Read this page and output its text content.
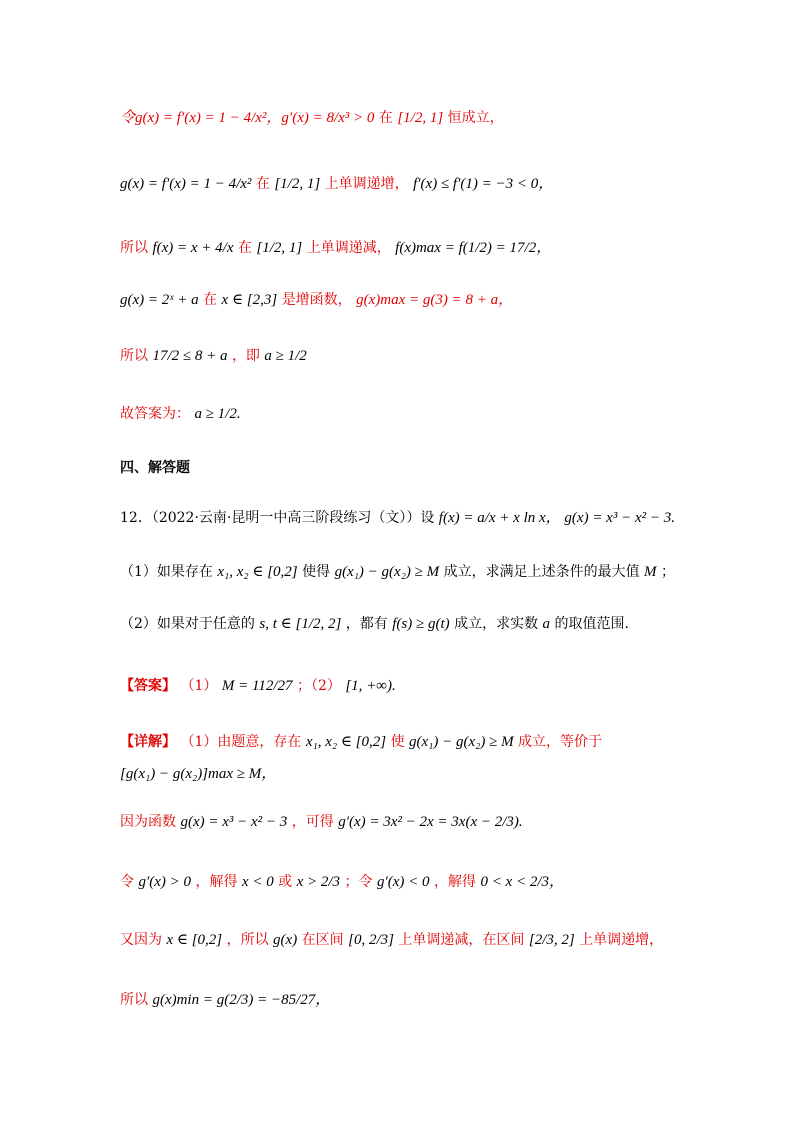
令g(x) = f′(x) = 1 − 4/x²，g′(x) = 8/x³ > 0 在 [1/2, 1] 恒成立，
g(x) = f′(x) = 1 − 4/x² 在 [1/2, 1] 上单调递增， f′(x) ≤ f′(1) = −3 < 0，
所以 f(x) = x + 4/x 在 [1/2, 1] 上单调递减， f(x)max = f(1/2) = 17/2，
g(x) = 2ˣ + a 在 x ∈ [2,3] 是增函数， g(x)max = g(3) = 8 + a，
所以 17/2 ≤ 8 + a ，即 a ≥ 1/2
故答案为： a ≥ 1/2.
四、解答题
12．（2022·云南·昆明一中高三阶段练习（文））设 f(x) = a/x + x ln x， g(x) = x³ − x² − 3.
（1）如果存在 x₁, x₂ ∈ [0,2] 使得 g(x₁) − g(x₂) ≥ M 成立，求满足上述条件的最大值 M ；
（2）如果对于任意的 s, t ∈ [1/2, 2] ，都有 f(s) ≥ g(t) 成立，求实数 a 的取值范围.
【答案】 （1） M = 112/27 ；（2） [1, +∞).
【详解】 （1）由题意，存在 x₁, x₂ ∈ [0,2] 使 g(x₁) − g(x₂) ≥ M 成立，等价于
[g(x₁) − g(x₂)]max ≥ M，
因为函数 g(x) = x³ − x² − 3 ，可得 g′(x) = 3x² − 2x = 3x(x − 2/3).
令 g′(x) > 0 ，解得 x < 0 或 x > 2/3 ；令 g′(x) < 0 ，解得 0 < x < 2/3，
又因为 x ∈ [0,2] ，所以 g(x) 在区间 [0, 2/3] 上单调递减，在区间 [2/3, 2] 上单调递增，
所以 g(x)min = g(2/3) = −85/27，
